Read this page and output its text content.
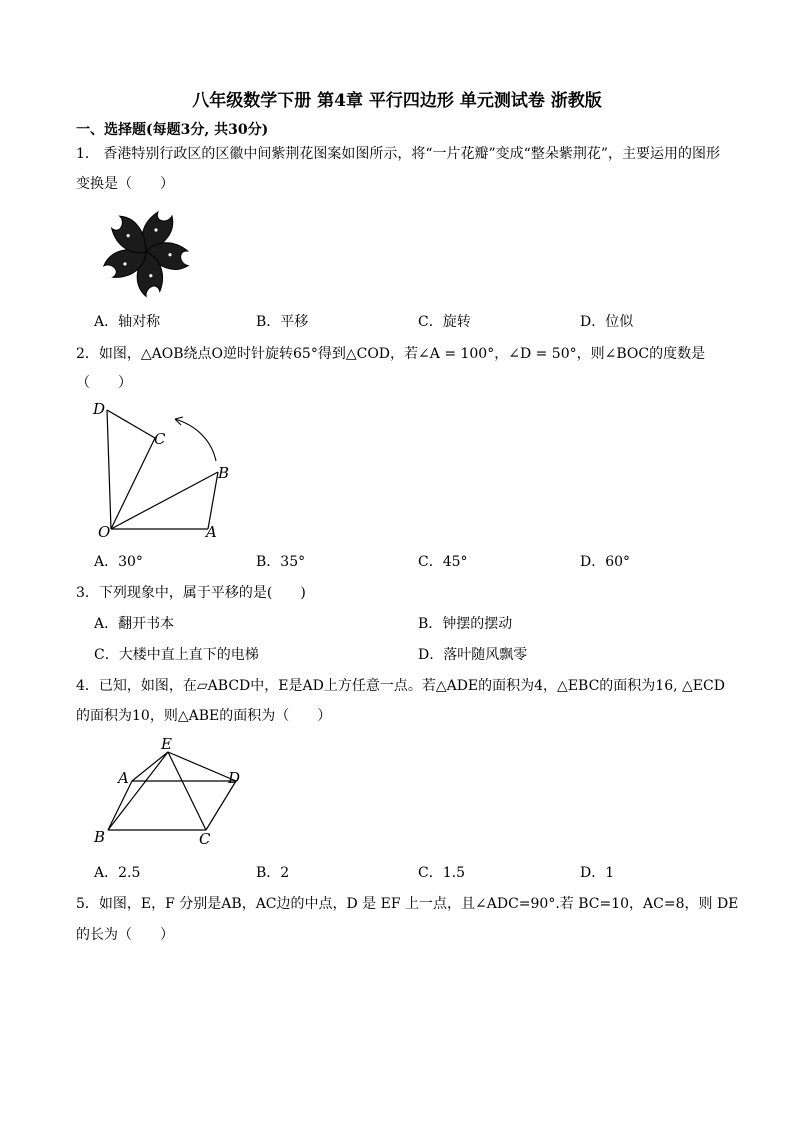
八年级数学下册 第4章 平行四边形 单元测试卷 浙教版
一、选择题(每题3分, 共30分)
1． 香港特别行政区的区徽中间紫荆花图案如图所示，将“一片花瓣”变成“整朵紫荆花”，主要运用的图形
变换是（　　）
A．轴对称	B．平移	C．旋转	D．位似
2．如图，△AOB绕点O逆时针旋转65°得到△COD，若∠A = 100°，∠D = 50°，则∠BOC的度数是
（　　）
D
C
B
O	A
A．30°	B．35°	C．45°	D．60°
3．下列现象中，属于平移的是(　　)
A．翻开书本	B．钟摆的摆动
C．大楼中直上直下的电梯	D．落叶随风飘零
4．已知，如图，在▱ABCD中，E是AD上方任意一点。若△ADE的面积为4，△EBC的面积为16, △ECD
的面积为10，则△ABE的面积为（　　）
E
A	D
B	C
A．2.5	B．2	C．1.5	D．1
5．如图，E，F 分别是AB，AC边的中点，D 是 EF 上一点，且∠ADC=90°.若 BC=10，AC=8，则 DE
的长为（　　）
